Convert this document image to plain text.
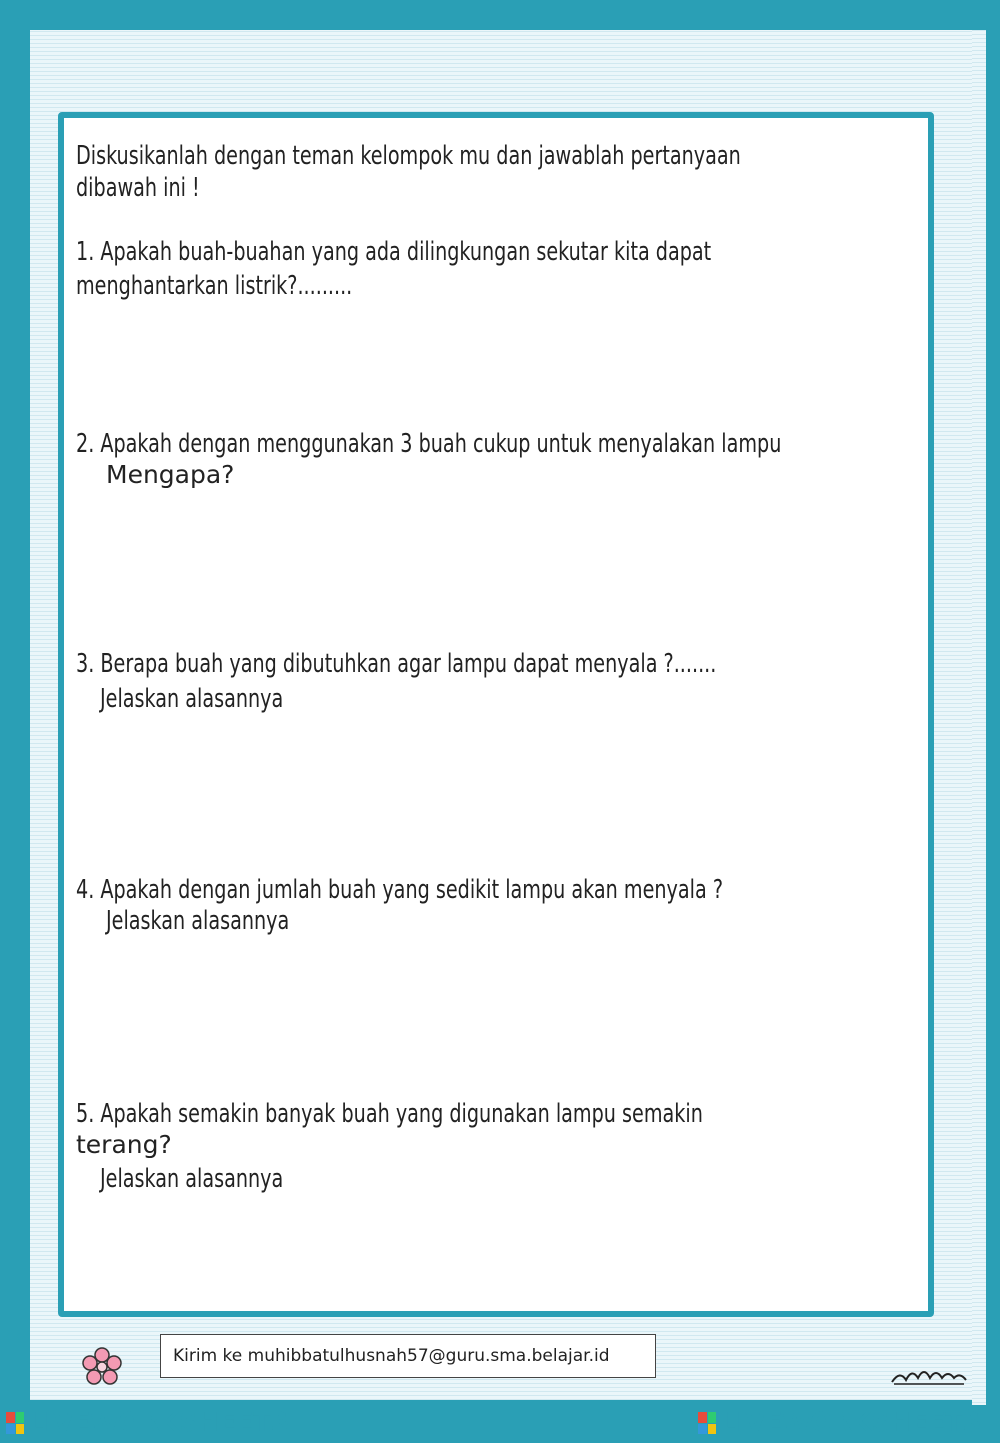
Diskusikanlah dengan teman kelompok mu dan jawablah pertanyaan
dibawah ini !
1. Apakah buah-buahan yang ada dilingkungan sekutar kita dapat
menghantarkan listrik?.........
2. Apakah dengan menggunakan 3 buah cukup untuk menyalakan lampu
Mengapa?
3. Berapa buah yang dibutuhkan agar lampu dapat menyala ?.......
Jelaskan alasannya
4. Apakah dengan jumlah buah yang sedikit lampu akan menyala ?
Jelaskan alasannya
5. Apakah semakin banyak buah yang digunakan lampu semakin
terang?
Jelaskan alasannya
Kirim ke muhibbatulhusnah57@guru.sma.belajar.id
LIVEWORKSHEETS	LIVEWORKSHEETS
